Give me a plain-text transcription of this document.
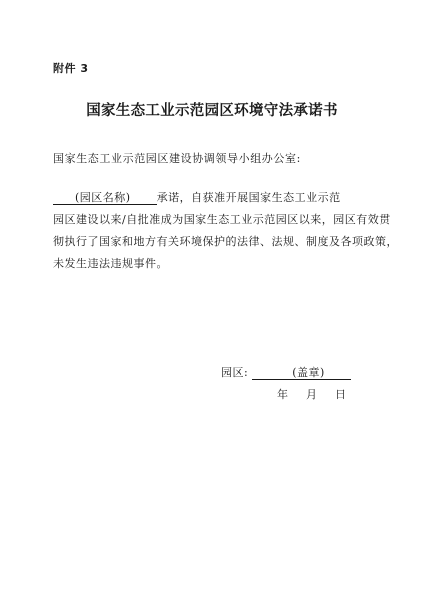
附件 3
国家生态工业示范园区环境守法承诺书
国家生态工业示范园区建设协调领导小组办公室:
(园区名称) 承诺，自获准开展国家生态工业示范
园区建设以来/自批准成为国家生态工业示范园区以来，园区有效贯
彻执行了国家和地方有关环境保护的法律、法规、制度及各项政策，
未发生违法违规事件。
园区:	(盖章)
年 月 日
